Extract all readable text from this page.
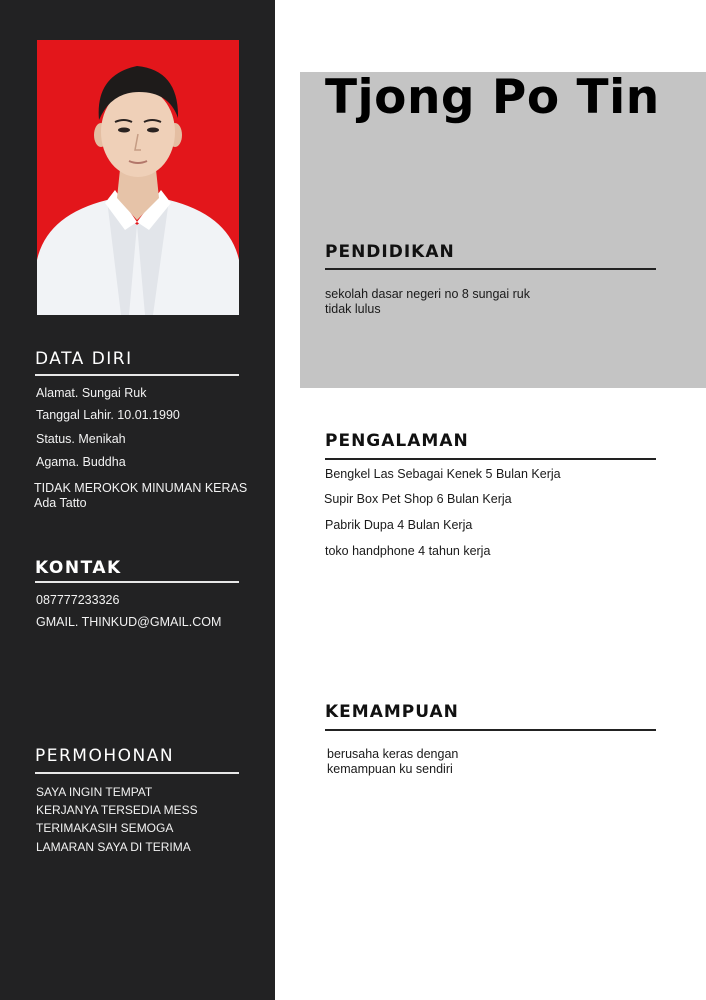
DATA DIRI

Alamat. Sungai Ruk

Tanggal Lahir. 10.01.1990

Status. Menikah

Agama. Buddha

TIDAK MEROKOK MINUMAN KERAS

Ada Tatto

KONTAK

087777233326

GMAIL. THINKUD@GMAIL.COM

PERMOHONAN

SAYA INGIN TEMPAT

KERJANYA TERSEDIA MESS

TERIMAKASIH SEMOGA

LAMARAN SAYA DI TERIMA

Tjong Po Tin
PENDIDIKAN

sekolah dasar negeri no 8 sungai ruk

tidak lulus

PENGALAMAN

Bengkel Las Sebagai Kenek 5 Bulan Kerja

Supir Box Pet Shop 6 Bulan Kerja

Pabrik Dupa 4 Bulan Kerja

toko handphone 4 tahun kerja

KEMAMPUAN

berusaha keras dengan

kemampuan ku sendiri
